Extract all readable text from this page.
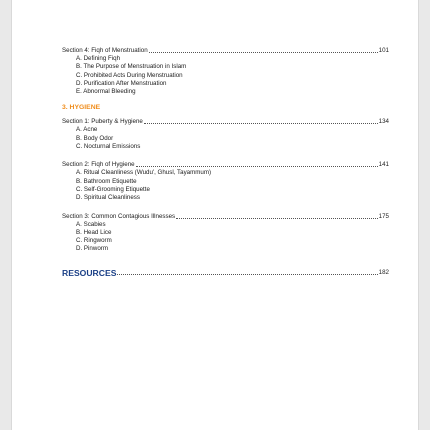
Section 4: Fiqh of Menstruation	101
A. Defining Fiqh
B. The Purpose of Menstruation in Islam
C. Prohibited Acts During Menstruation
D. Purification After Menstruation
E. Abnormal Bleeding
3. HYGIENE
Section 1: Puberty & Hygiene	134
A. Acne
B. Body Odor
C. Nocturnal Emissions
Section 2: Fiqh of Hygiene	141
A. Ritual Cleanliness (Wudu', Ghusl, Tayammum)
B. Bathroom Etiquette
C. Self-Grooming Etiquette
D. Spiritual Cleanliness
Section 3: Common Contagious Illnesses	175
A. Scabies
B. Head Lice
C. Ringworm
D. Pinworm
RESOURCES	182
